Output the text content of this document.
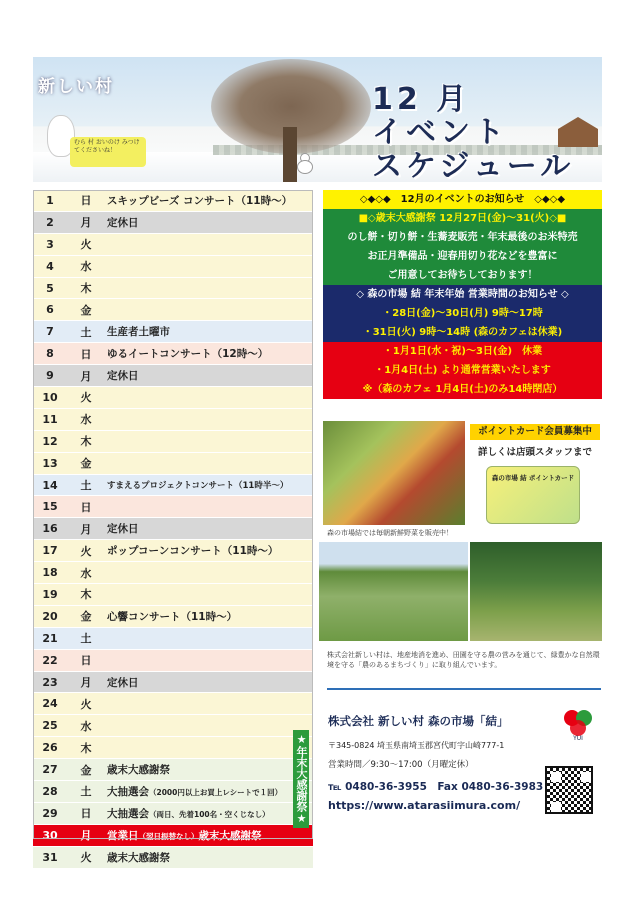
新しい村
むら 村 おいのけ みつけてくださいね！
12 月
イベント
スケジュール
1	日	スキップビーズ コンサート（11時〜）
2	月	定休日
3	火
4	水
5	木
6	金
7	土	生産者土曜市
8	日	ゆるイートコンサート（12時〜）
9	月	定休日
10	火
11	水
12	木
13	金
14	土	すまえるプロジェクトコンサート（11時半〜）
15	日
16	月	定休日
17	火	ポップコーンコンサート（11時〜）
18	水
19	木
20	金	心響コンサート（11時〜）
21	土
22	日
23	月	定休日
24	火
25	水
26	木
27	金	歳末大感謝祭
28	土	大抽選会（2000円以上お買上レシートで１回）
29	日	大抽選会（両日、先着100名・空くじなし）
30	月	営業日（翌日振替なし）歳末大感謝祭
31	火	歳末大感謝祭
★年末大感謝祭★
◇◆◇◆　12月のイベントのお知らせ　◇◆◇◆
■◇歳末大感謝祭 12月27日(金)〜31(火)◇■
のし餅・切り餅・生蕎麦販売・年末最後のお米特売
お正月準備品・迎春用切り花などを豊富に
ご用意してお待ちしております！
◇ 森の市場 結 年末年始 営業時間のお知らせ ◇
・28日(金)〜30日(月) 9時〜17時
・31日(火) 9時〜14時 (森のカフェは休業)
・1月1日(水・祝)〜3日(金)　休業
・1月4日(土) より通常営業いたします
※（森のカフェ 1月4日(土)のみ14時閉店）
ポイントカード会員募集中
詳しくは店頭スタッフまで
森の市場 結 ポイントカード
森の市場結では毎朝新鮮野菜を販売中！
株式会社新しい村は、地産地消を進め、田園を守る農の営みを通じて、緑豊かな自然環境を守る「農のあるまちづくり」に取り組んでいます。
株式会社 新しい村 森の市場「結」
YUI
〒345-0824 埼玉県南埼玉郡宮代町字山崎777-1
営業時間／9:30〜17:00（月曜定休）
℡ 0480-36-3955　Fax 0480-36-3983
https://www.atarasiimura.com/
